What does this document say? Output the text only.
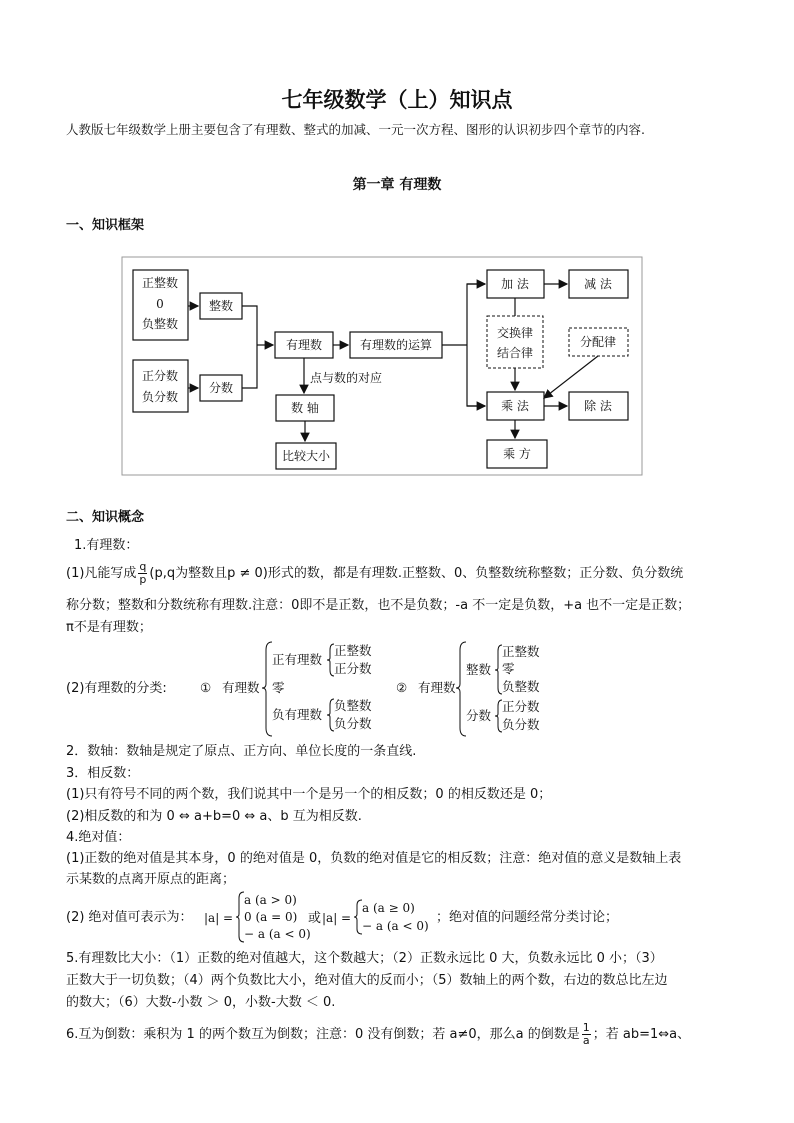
七年级数学（上）知识点
人教版七年级数学上册主要包含了有理数、整式的加减、一元一次方程、图形的认识初步四个章节的内容.
第一章 有理数
一、知识框架
正整数
0
负整数
正分数
负分数
整数
分数
有理数	有理数的运算
数 轴
比较大小
加 法	减 法
交换律
结合律
分配律
乘 法	除 法
乘 方
点与数的对应
二、知识概念
1.有理数：
(1)凡能写成 $\frac{q}{p} (p,q$为整数且p ≠ 0)形式的数，都是有理数.正整数、0、负整数统称整数；正分数、负分数统
称分数；整数和分数统称有理数.注意：0即不是正数，也不是负数；-a 不一定是负数，+a 也不一定是正数；
π不是有理数；
(2)有理数的分类:	① 有理数
正有理数
正整数
正分数
零
负有理数
负整数
负分数
② 有理数
整数
正整数
零
负整数
分数
正分数
负分数
2．数轴：数轴是规定了原点、正方向、单位长度的一条直线.
3．相反数：
(1)只有符号不同的两个数，我们说其中一个是另一个的相反数；0 的相反数还是 0；
(2)相反数的和为 0 ⇔ a+b=0 ⇔ a、b 互为相反数.
4.绝对值：
(1)正数的绝对值是其本身，0 的绝对值是 0，负数的绝对值是它的相反数；注意：绝对值的意义是数轴上表
示某数的点离开原点的距离；
(2) 绝对值可表示为： |a| =
a (a > 0)
0 (a = 0)
− a (a < 0)
或 |a| =
a (a ≥ 0)
− a (a < 0)
；绝对值的问题经常分类讨论；
5.有理数比大小：（1）正数的绝对值越大，这个数越大；（2）正数永远比 0 大，负数永远比 0 小；（3）
正数大于一切负数；（4）两个负数比大小，绝对值大的反而小；（5）数轴上的两个数，右边的数总比左边
的数大；（6）大数-小数 ＞ 0，小数-大数 ＜ 0.
6.互为倒数：乘积为 1 的两个数互为倒数；注意：0 没有倒数；若 a≠0，那么a 的倒数是 $\frac{1}{a}$ ；若 ab=1⇔a、
